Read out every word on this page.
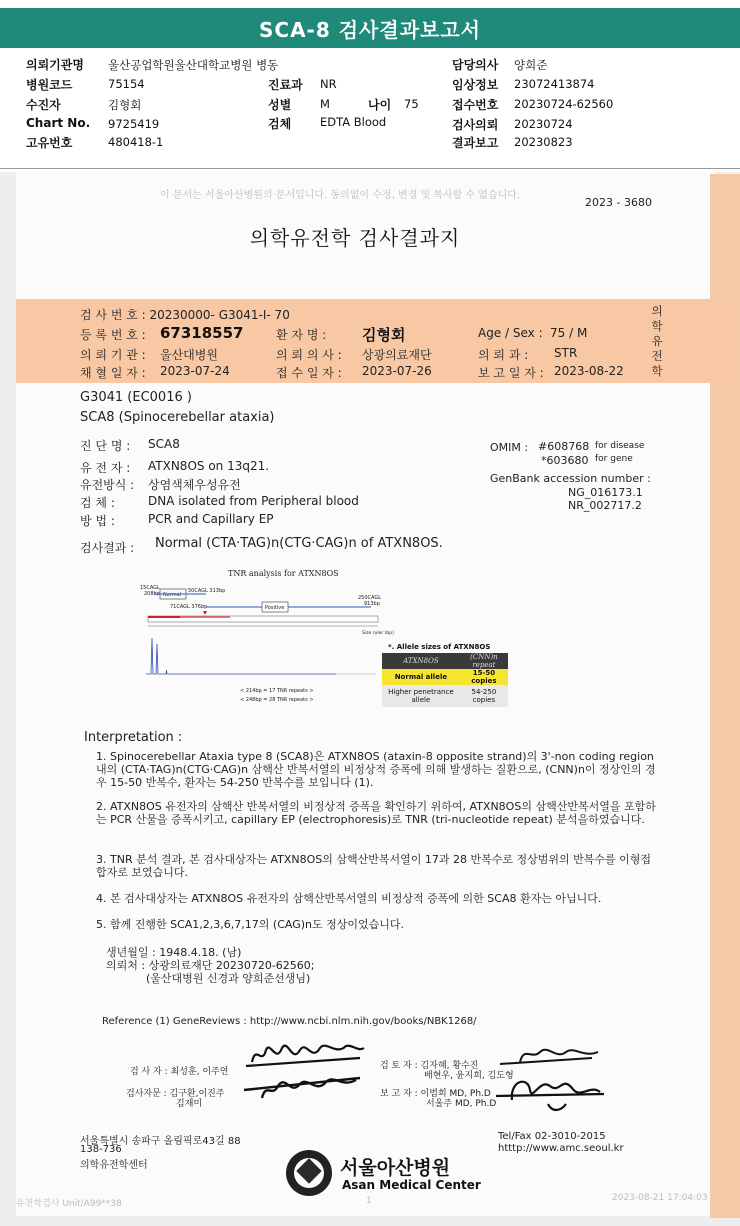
SCA-8 검사결과보고서
의뢰기관명 울산공업학원울산대학교병원 병동
병원코드	75154
수진자	김형회
Chart No. 9725419
고유번호	480418-1
진료과 NR
성별	M	나이 75
검체	EDTA Blood
담당의사 양희준
임상정보 23072413874
접수번호 20230724-62560
검사의뢰 20230724
결과보고 20230823
이 문서는 서울아산병원의 문서입니다. 동의없이 수정, 변경 및 복사할 수 없습니다.
2023 - 3680
의학유전학 검사결과지
검 사 번 호 : 20230000- G3041-I- 70
등 록 번 호 : 67318557	환 자 명 : 김형회	Age / Sex : 75 / M
의 뢰 기 관 : 울산대병원	의 뢰 의 사 : 상광의료재단	의 뢰 과 : STR
채 혈 일 자 : 2023-07-24	접 수 일 자 : 2023-07-26	보 고 일 자 : 2023-08-22
의
학
유
전
학
G3041 (EC0016 )
SCA8 (Spinocerebellar ataxia)
진 단 명 : SCA8
유 전 자 : ATXN8OS on 13q21.
유전방식 : 상염색체우성유전
검 체 :	DNA isolated from Peripheral blood
방 법 :	PCR and Capillary EP
OMIM : #608768 for disease
*603680 for gene
GenBank accession number :
NG_016173.1
NR_002717.2
검사결과 : Normal (CTA·TAG)n(CTG·CAG)n of ATXN8OS.
TNR analysis for ATXN8OS
15CAGL
208bp Normal
50CAGL 313bp
71CAGL 376bp	Positive
250CAGL
913bp
Size ruler (bp)
< 214bp = 17 TNR repeats >
< 248bp = 28 TNR repeats >
*. Allele sizes of ATXN8OS
ATXN8OS	(CNN)n repeat
Normal allele	15-50 copies
Higher penetrance allele	54-250 copies
Interpretation :
1. Spinocerebellar Ataxia type 8 (SCA8)은 ATXN8OS (ataxin-8 opposite strand)의 3'-non coding region 내의 (CTA·TAG)n(CTG·CAG)n 삼핵산 반복서열의 비정상적 증폭에 의해 발생하는 질환으로, (CNN)n이 정상인의 경우 15-50 반복수, 환자는 54-250 반복수를 보입니다 (1).
2. ATXN8OS 유전자의 삼핵산 반복서열의 비정상적 증폭을 확인하기 위하여, ATXN8OS의 삼핵산반복서열을 포함하는 PCR 산물을 증폭시키고, capillary EP (electrophoresis)로 TNR (tri-nucleotide repeat) 분석을하였습니다.
3. TNR 분석 결과, 본 검사대상자는 ATXN8OS의 삼핵산반복서열이 17과 28 반복수로 정상범위의 반복수를 이형접합자로 보였습니다.
4. 본 검사대상자는 ATXN8OS 유전자의 삼핵산반복서열의 비정상적 증폭에 의한 SCA8 환자는 아닙니다.
5. 함께 진행한 SCA1,2,3,6,7,17의 (CAG)n도 정상이었습니다.
생년월일 : 1948.4.18. (남)
의뢰처 : 상광의료재단 20230720-62560;
(울산대병원 신경과 양희준선생님)
Reference (1) GeneReviews : http://www.ncbi.nlm.nih.gov/books/NBK1268/
검 사 자 : 최성훈, 이주연
검 토 자 : 김자혜, 황수진
배현우, 윤지희, 김도형
검사자문 : 김구환,이진주
김재미
보 고 자 : 이범희 MD, Ph.D
서울주 MD, Ph.D
서울특별시 송파구 올림픽로43길 88
138-736
의학유전학센터
Tel/Fax 02-3010-2015
htttp://www.amc.seoul.kr
서울아산병원
Asan Medical Center
유전학검사 Unit/A99**38	1	2023-08-21 17:04:03
